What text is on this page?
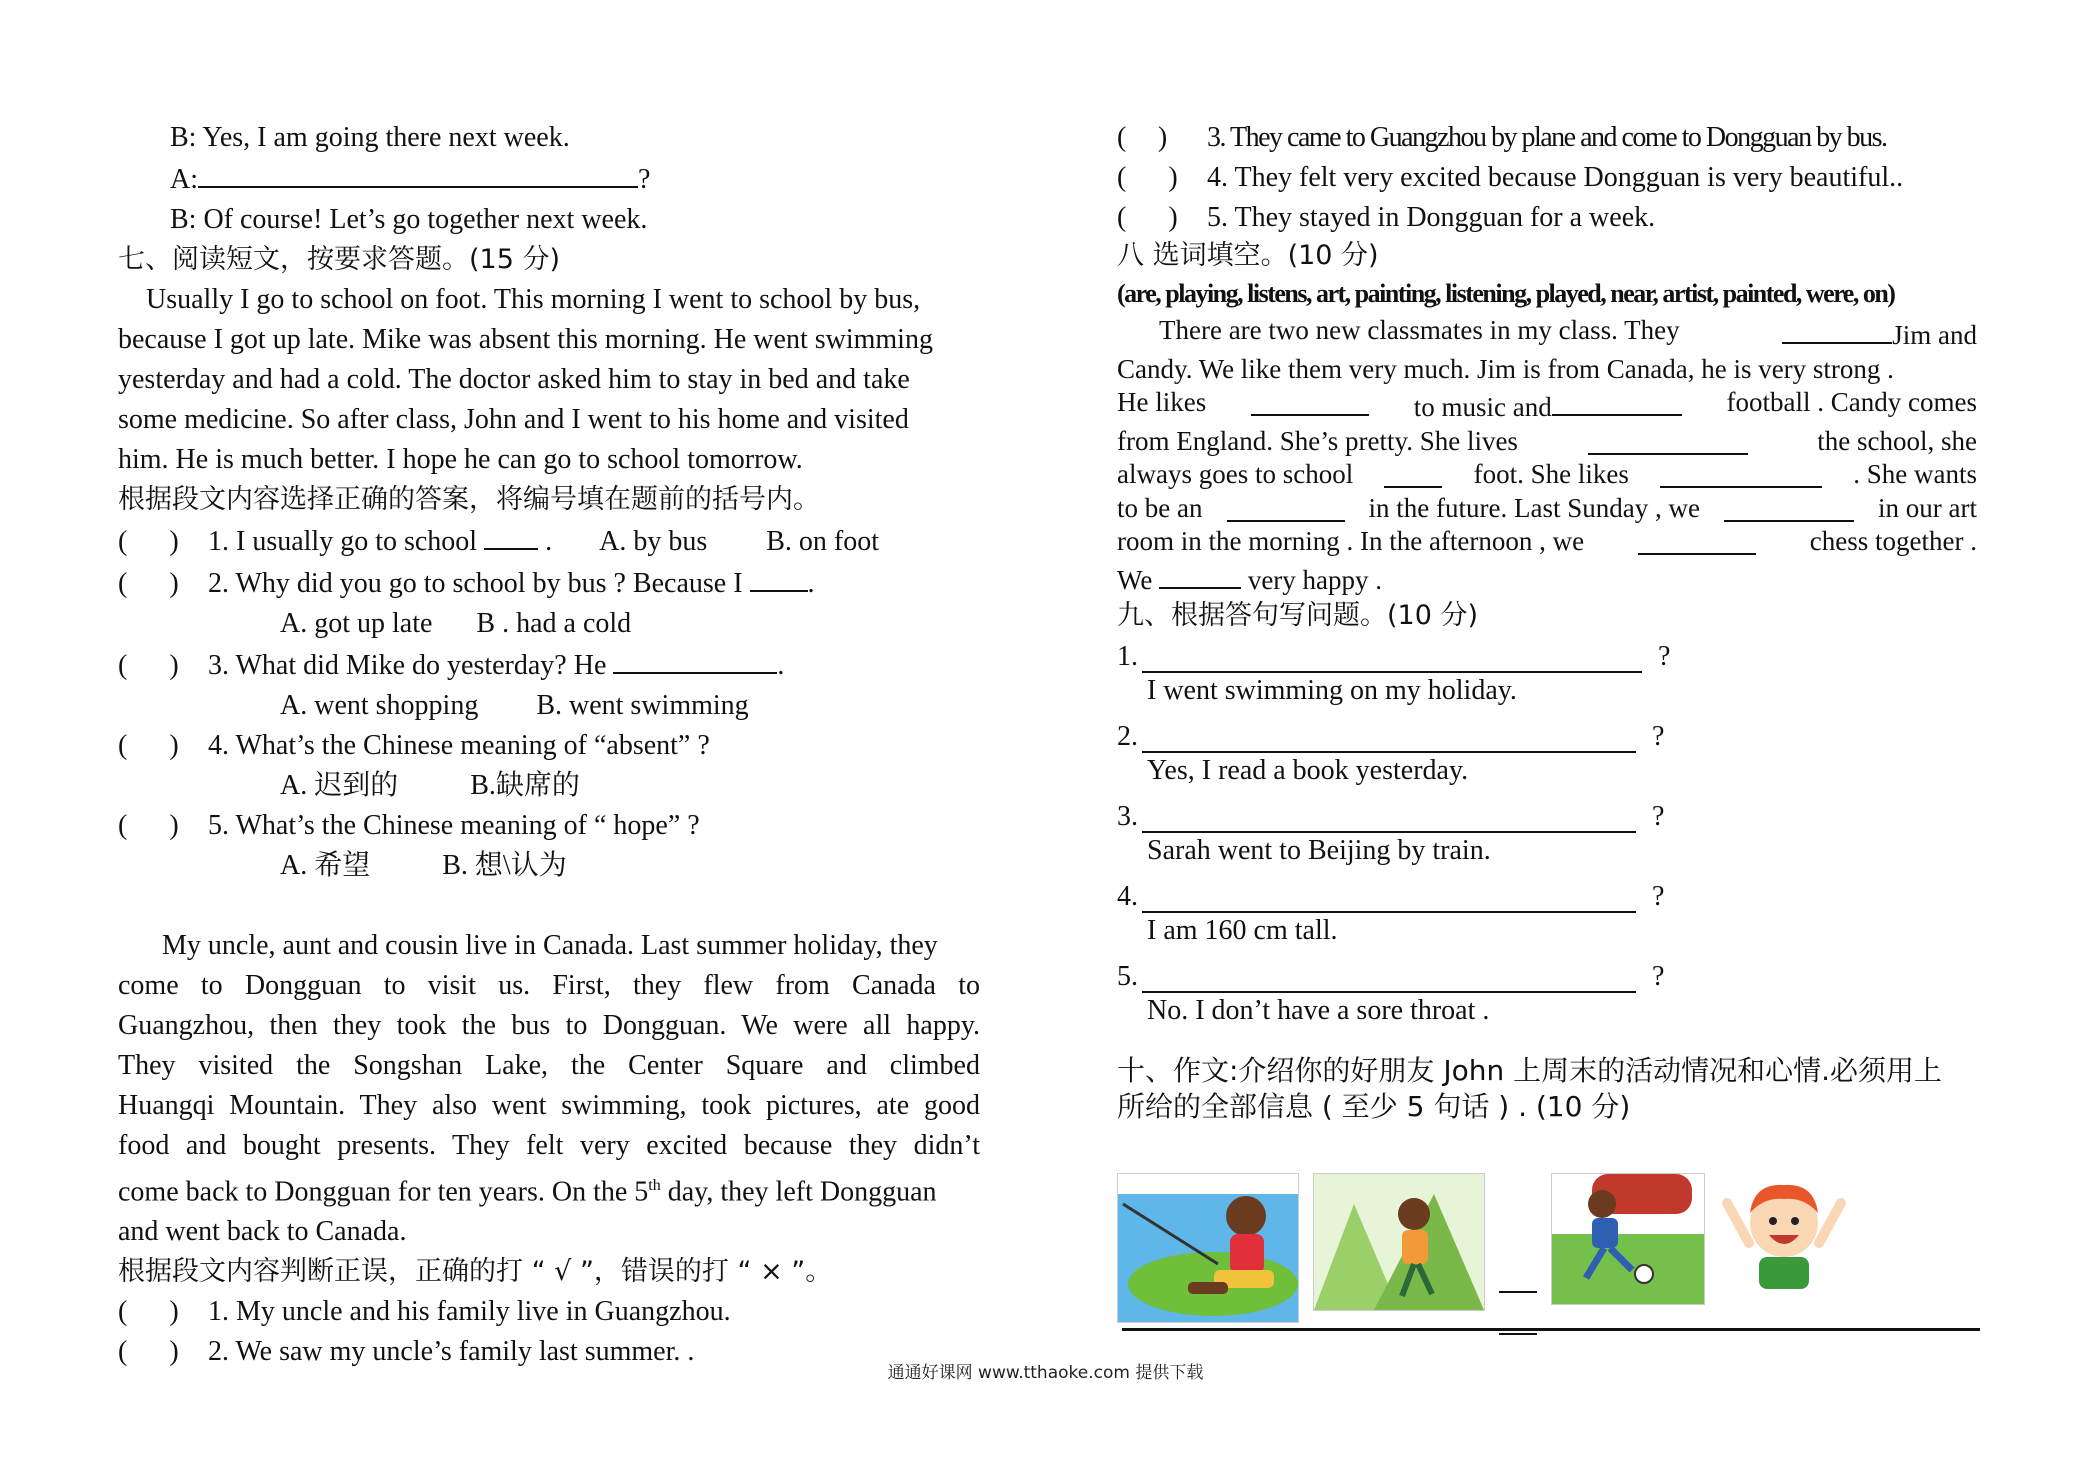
B: Yes, I am going there next week.

A:	?

B: Of course! Let’s go together next week.

七、阅读短文，按要求答题。(15 分)

Usually I go to school on foot. This morning I went to school by bus,

because I got up late. Mike was absent this morning. He went swimming

yesterday and had a cold. The doctor asked him to stay in bed and take

some medicine. So after class, John and I went to his home and visited

him. He is much better. I hope he can go to school tomorrow.

根据段文内容选择正确的答案，将编号填在题前的括号内。

(      ) 1. I usually go to school . A. by bus B. on foot

(      ) 2. Why did you go to school by bus ? Because I .

A. got up late B . had a cold

(      ) 3. What did Mike do yesterday? He	.

A. went shopping B. went swimming

(      ) 4. What’s the Chinese meaning of “absent” ?

A. 迟到的	B.缺席的

(      ) 5. What’s the Chinese meaning of “ hope” ?

A. 希望	B. 想\认为

My uncle, aunt and cousin live in Canada. Last summer holiday, they

come to Dongguan to visit us. First, they flew from Canada to

Guangzhou, then they took the bus to Dongguan. We were all happy.

They visited the Songshan Lake, the Center Square and climbed

Huangqi Mountain. They also went swimming, took pictures, ate good

food and bought presents. They felt very excited because they didn’t

come back to Dongguan for ten years. On the 5th day, they left Dongguan

and went back to Canada.

根据段文内容判断正误，正确的打 “ √ ”，错误的打 “ × ”。

(      ) 1. My uncle and his family live in Guangzhou.

(      ) 2. We saw my uncle’s family last summer. .

(      ) 3. They came to Guangzhou by plane and come to Dongguan by bus.

(      ) 4. They felt very excited because Dongguan is very beautiful..

(      ) 5. They stayed in Dongguan for a week.

八 选词填空。(10 分)

(are, playing, listens, art, painting, listening, played, near, artist, painted, were, on)

There are two new classmates in my class. They	Jim and

Candy. We like them very much. Jim is from Canada, he is very strong .

He likes	to music and	football . Candy comes

from England. She’s pretty. She lives	the school, she

always goes to school	foot. She likes	. She wants

to be an	in the future. Last Sunday , we	in our art

room in the morning . In the afternoon , we	chess together .

We	very happy .

九、根据答句写问题。(10 分)

1.	?
I went swimming on my holiday.
2.	?
Yes, I read a book yesterday.
3.	?
Sarah went to Beijing by train.
4.	?
I am 160 cm tall.
5.	?
No. I don’t have a sore throat .

十、作文:介绍你的好朋友 John 上周末的活动情况和心情.必须用上

所给的全部信息 ( 至少 5 句话 ) . (10 分)

通通好课网 www.tthaoke.com 提供下载
